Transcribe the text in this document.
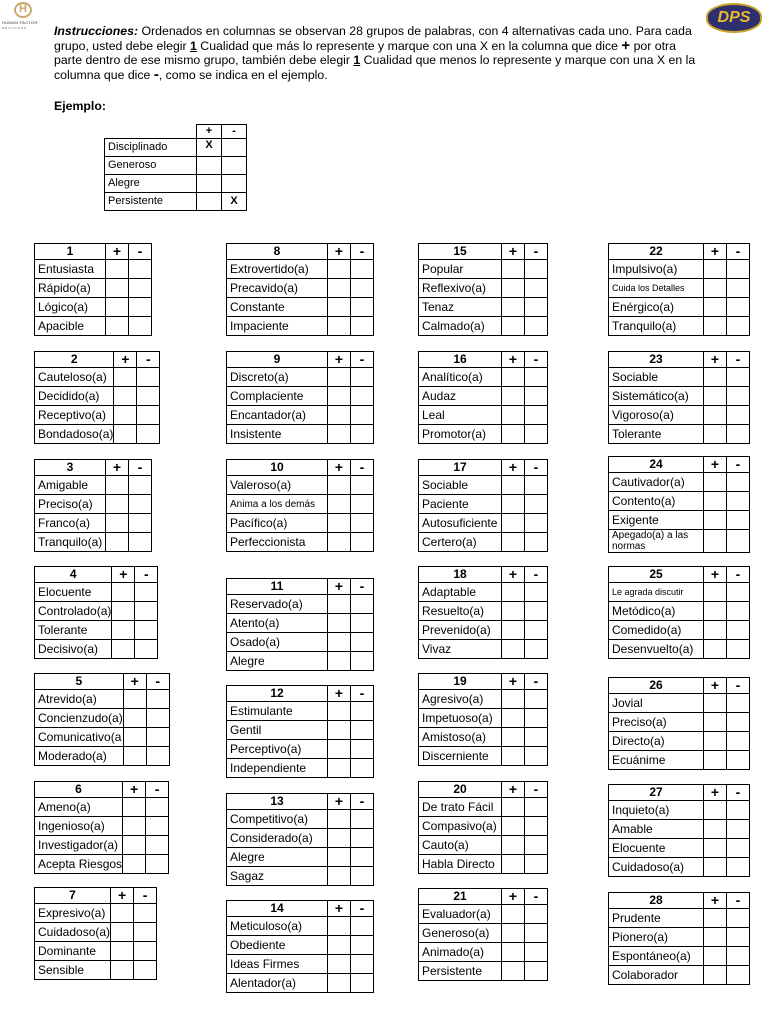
H
HUMAN FACTOR
RECURSOS
DPS
Instrucciones: Ordenados en columnas se observan 28 grupos de palabras, con 4 alternativas cada uno. Para cada grupo, usted debe elegir 1 Cualidad que más lo represente y marque con una X en la columna que dice + por otra parte dentro de ese mismo grupo, también debe elegir 1 Cualidad que menos lo represente y marque con una X en la columna que dice -, como se indica en el ejemplo.
Ejemplo:
	+	-
Disciplinado	X	
Generoso		
Alegre		
Persistente		X
1	+	-
Entusiasta		
Rápido(a)		
Lógico(a)		
Apacible		
2	+	-
Cauteloso(a)		
Decidido(a)		
Receptivo(a)		
Bondadoso(a)		
3	+	-
Amigable		
Preciso(a)		
Franco(a)		
Tranquilo(a)		
4	+	-
Elocuente		
Controlado(a)		
Tolerante		
Decisivo(a)		
5	+	-
Atrevido(a)		
Concienzudo(a)		
Comunicativo(a		
Moderado(a)		
6	+	-
Ameno(a)		
Ingenioso(a)		
Investigador(a)		
Acepta Riesgos		
7	+	-
Expresivo(a)		
Cuidadoso(a)		
Dominante		
Sensible		
8	+	-
Extrovertido(a)		
Precavido(a)		
Constante		
Impaciente		
9	+	-
Discreto(a)		
Complaciente		
Encantador(a)		
Insistente		
10	+	-
Valeroso(a)		
Anima a los demás		
Pacífico(a)		
Perfeccionista		
11	+	-
Reservado(a)		
Atento(a)		
Osado(a)		
Alegre		
12	+	-
Estimulante		
Gentil		
Perceptivo(a)		
Independiente		
13	+	-
Competitivo(a)		
Considerado(a)		
Alegre		
Sagaz		
14	+	-
Meticuloso(a)		
Obediente		
Ideas Firmes		
Alentador(a)		
15	+	-
Popular		
Reflexivo(a)		
Tenaz		
Calmado(a)		
16	+	-
Analítico(a)		
Audaz		
Leal		
Promotor(a)		
17	+	-
Sociable		
Paciente		
Autosuficiente		
Certero(a)		
18	+	-
Adaptable		
Resuelto(a)		
Prevenido(a)		
Vivaz		
19	+	-
Agresivo(a)		
Impetuoso(a)		
Amistoso(a)		
Discerniente		
20	+	-
De trato Fácil		
Compasivo(a)		
Cauto(a)		
Habla Directo		
21	+	-
Evaluador(a)		
Generoso(a)		
Animado(a)		
Persistente		
22	+	-
Impulsivo(a)		
Cuida los Detalles		
Enérgico(a)		
Tranquilo(a)		
23	+	-
Sociable		
Sistemático(a)		
Vigoroso(a)		
Tolerante		
24	+	-
Cautivador(a)		
Contento(a)		
Exigente		
Apegado(a) a las normas		
25	+	-
Le agrada discutir		
Metódico(a)		
Comedido(a)		
Desenvuelto(a)		
26	+	-
Jovial		
Preciso(a)		
Directo(a)		
Ecuánime		
27	+	-
Inquieto(a)		
Amable		
Elocuente		
Cuidadoso(a)		
28	+	-
Prudente		
Pionero(a)		
Espontáneo(a)		
Colaborador		
